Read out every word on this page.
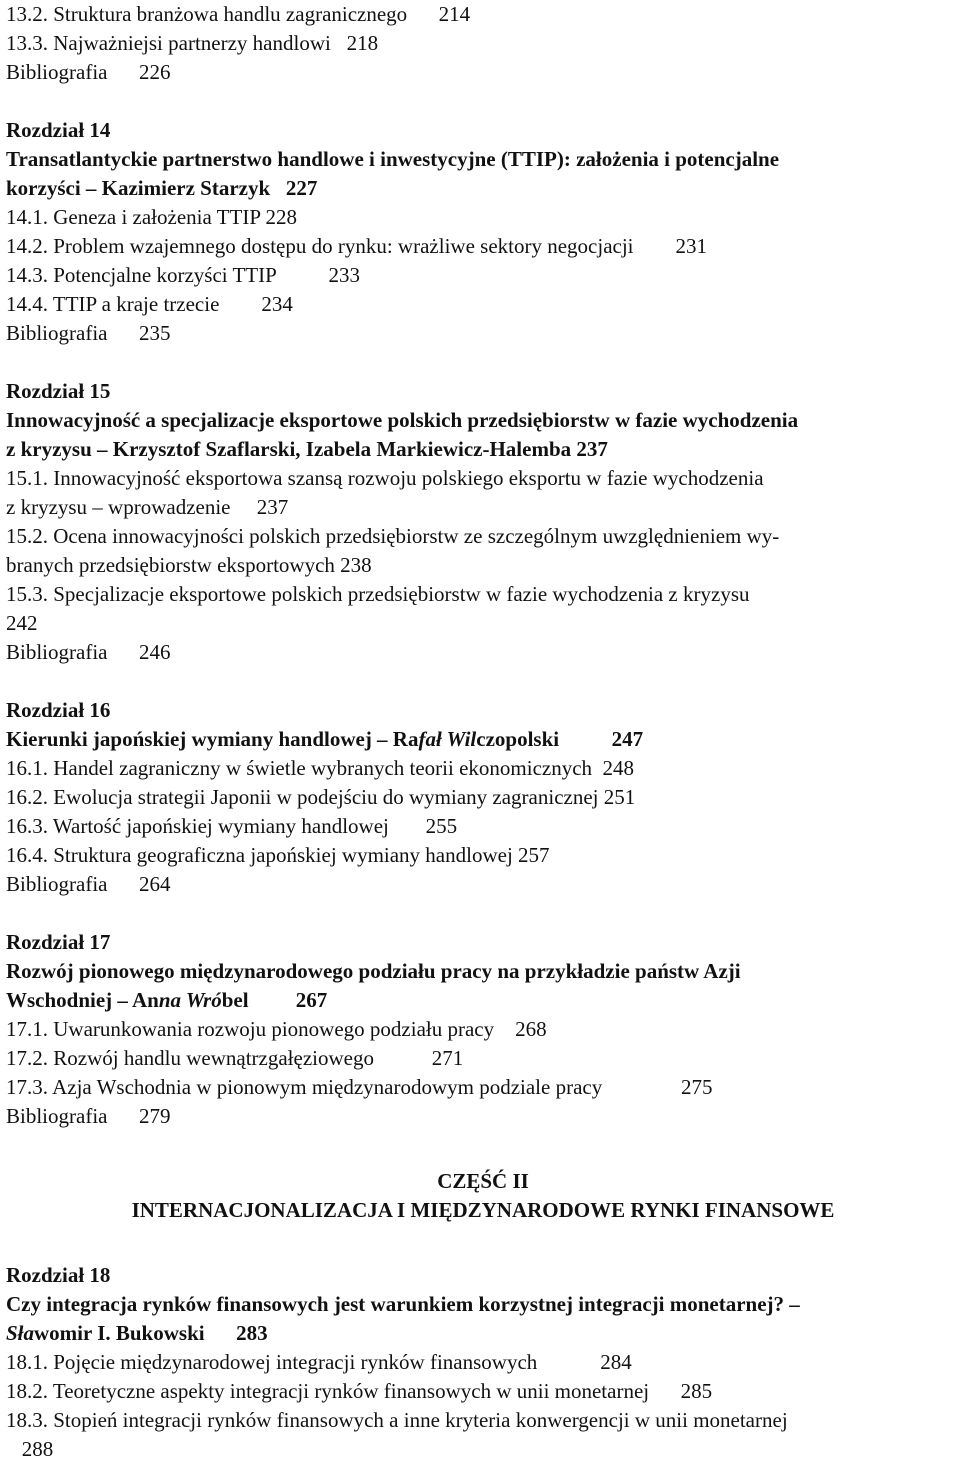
13.2. Struktura branżowa handlu zagranicznego      214
13.3. Najważniejsi partnerzy handlowi   218
Bibliografia      226
Rozdział 14
Transatlantyckie partnerstwo handlowe i inwestycyjne (TTIP): założenia i potencjalne
korzyści – Kazimierz Starzyk   227
14.1. Geneza i założenia TTIP 228
14.2. Problem wzajemnego dostępu do rynku: wrażliwe sektory negocjacji        231
14.3. Potencjalne korzyści TTIP          233
14.4. TTIP a kraje trzecie        234
Bibliografia      235
Rozdział 15
Innowacyjność a specjalizacje eksportowe polskich przedsiębiorstw w fazie wychodzenia
z kryzysu – Krzysztof Szaflarski, Izabela Markiewicz-Halemba 237
15.1. Innowacyjność eksportowa szansą rozwoju polskiego eksportu w fazie wychodzenia
z kryzysu – wprowadzenie     237
15.2. Ocena innowacyjności polskich przedsiębiorstw ze szczególnym uwzględnieniem wy-
branych przedsiębiorstw eksportowych 238
15.3. Specjalizacje eksportowe polskich przedsiębiorstw w fazie wychodzenia z kryzysu
242
Bibliografia      246
Rozdział 16
Kierunki japońskiej wymiany handlowej – Rafał Wilczopolski          247
16.1. Handel zagraniczny w świetle wybranych teorii ekonomicznych  248
16.2. Ewolucja strategii Japonii w podejściu do wymiany zagranicznej 251
16.3. Wartość japońskiej wymiany handlowej       255
16.4. Struktura geograficzna japońskiej wymiany handlowej 257
Bibliografia      264
Rozdział 17
Rozwój pionowego międzynarodowego podziału pracy na przykładzie państw Azji
Wschodniej – Anna Wróbel         267
17.1. Uwarunkowania rozwoju pionowego podziału pracy    268
17.2. Rozwój handlu wewnątrzgałęziowego           271
17.3. Azja Wschodnia w pionowym międzynarodowym podziale pracy               275
Bibliografia      279
CZĘŚĆ II
INTERNACJONALIZACJA I MIĘDZYNARODOWE RYNKI FINANSOWE
Rozdział 18
Czy integracja rynków finansowych jest warunkiem korzystnej integracji monetarnej? –
Sławomir I. Bukowski      283
18.1. Pojęcie międzynarodowej integracji rynków finansowych            284
18.2. Teoretyczne aspekty integracji rynków finansowych w unii monetarnej      285
18.3. Stopień integracji rynków finansowych a inne kryteria konwergencji w unii monetarnej
288
